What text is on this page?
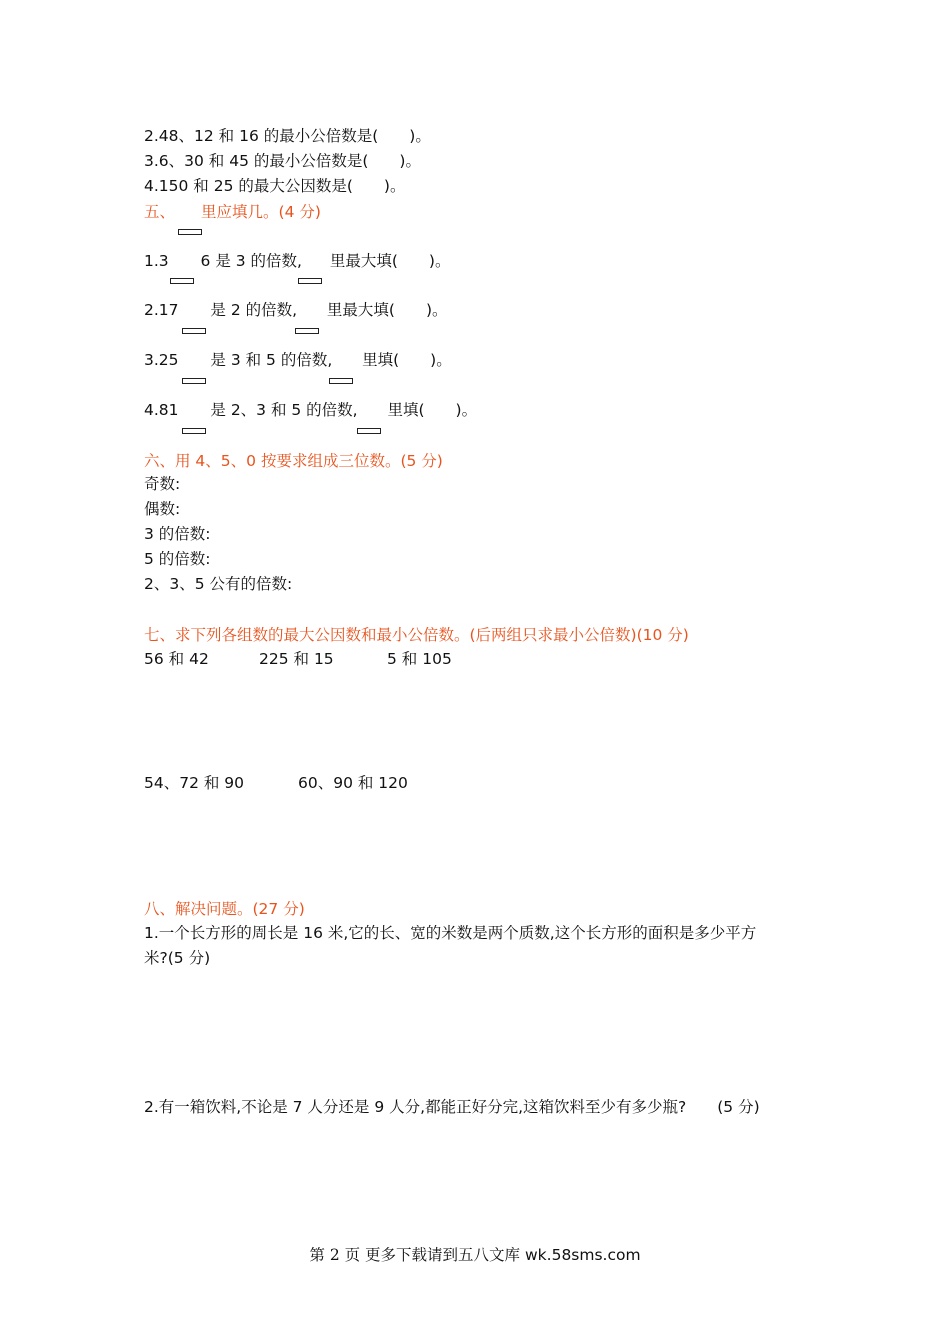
2.48、12 和 16 的最小公倍数是(　　)。
3.6、30 和 45 的最小公倍数是(　　)。
4.150 和 25 的最大公因数是(　　)。
五、 里应填几。(4 分)
1.3 6 是 3 的倍数, 里最大填(　　)。
2.17 是 2 的倍数, 里最大填(　　)。
3.25 是 3 和 5 的倍数, 里填(　　)。
4.81 是 2、3 和 5 的倍数, 里填(　　)。
六、用 4、5、0 按要求组成三位数。(5 分)
奇数:
偶数:
3 的倍数:
5 的倍数:
2、3、5 公有的倍数:
七、求下列各组数的最大公因数和最小公倍数。(后两组只求最小公倍数)(10 分)
56 和 42	225 和 15	5 和 105
54、72 和 90	60、90 和 120
八、解决问题。(27 分)
1.一个长方形的周长是 16 米,它的长、宽的米数是两个质数,这个长方形的面积是多少平方
米?(5 分)
2.有一箱饮料,不论是 7 人分还是 9 人分,都能正好分完,这箱饮料至少有多少瓶?　　(5 分)
第 2 页 更多下载请到五八文库 wk.58sms.com
